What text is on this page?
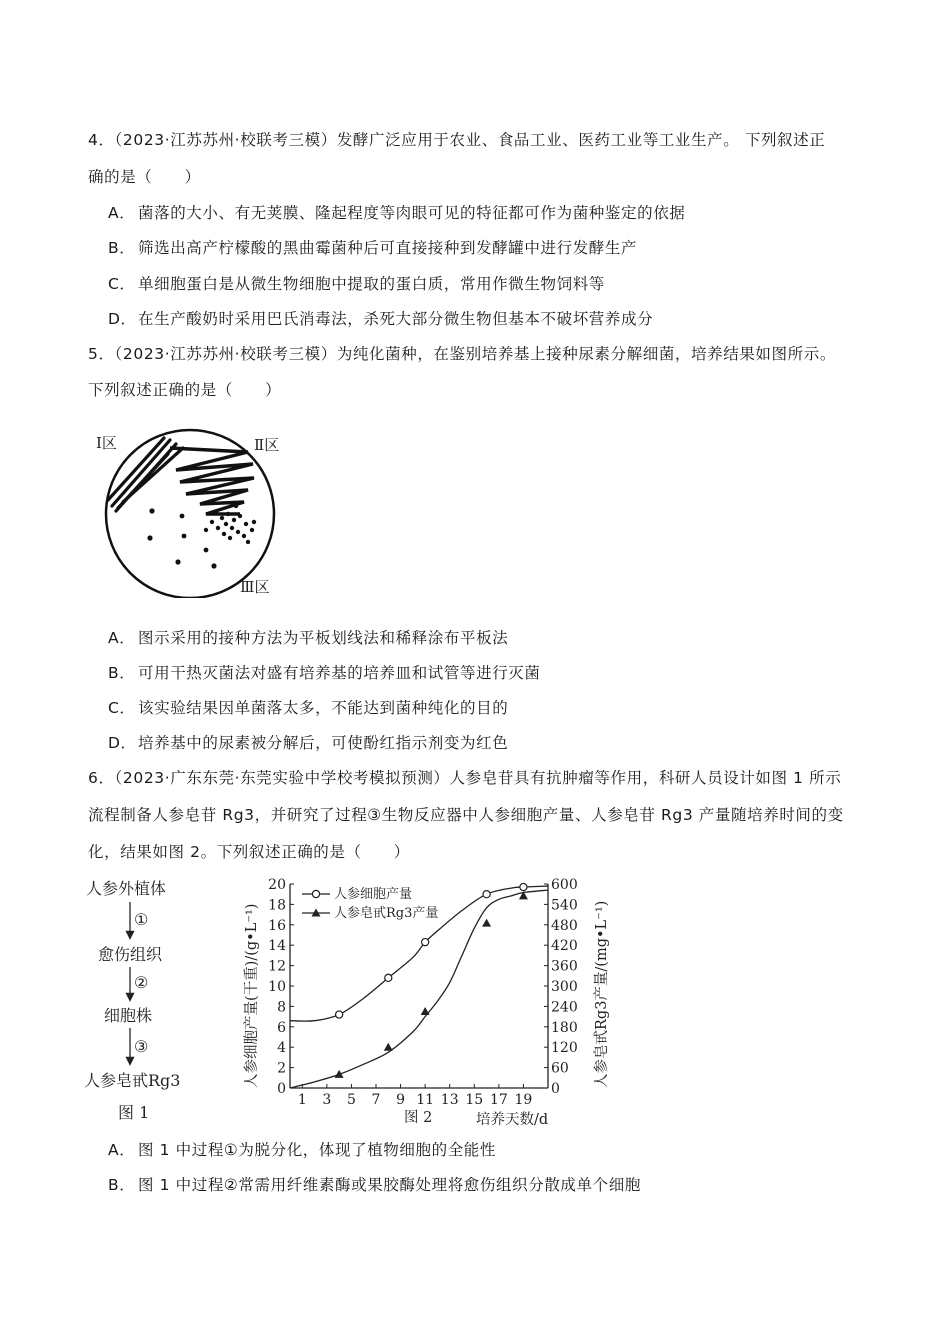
4．（2023·江苏苏州·校联考三模）发酵广泛应用于农业、食品工业、医药工业等工业生产。 下列叙述正
确的是（　　）
A． 菌落的大小、有无荚膜、隆起程度等肉眼可见的特征都可作为菌种鉴定的依据
B． 筛选出高产柠檬酸的黑曲霉菌种后可直接接种到发酵罐中进行发酵生产
C． 单细胞蛋白是从微生物细胞中提取的蛋白质，常用作微生物饲料等
D．在生产酸奶时采用巴氏消毒法，杀死大部分微生物但基本不破坏营养成分
5．（2023·江苏苏州·校联考三模）为纯化菌种，在鉴别培养基上接种尿素分解细菌，培养结果如图所示。
下列叙述正确的是（　　）
Ⅰ区	Ⅱ区
Ⅲ区
A． 图示采用的接种方法为平板划线法和稀释涂布平板法
B． 可用干热灭菌法对盛有培养基的培养皿和试管等进行灭菌
C． 该实验结果因单菌落太多，不能达到菌种纯化的目的
D．培养基中的尿素被分解后，可使酚红指示剂变为红色
6．（2023·广东东莞·东莞实验中学校考模拟预测）人参皂苷具有抗肿瘤等作用，科研人员设计如图 1 所示
流程制备人参皂苷 Rg3，并研究了过程③生物反应器中人参细胞产量、人参皂苷 Rg3 产量随培养时间的变
化，结果如图 2。下列叙述正确的是（　　）
人参外植体
①
愈伤组织
②
细胞株
③
人参皂甙Rg3
图 1
0
2
4
6
8
10
12
14
16
18
20
0
60
120
180
240
300
360
420
480
540
600
1 3 5 7 9 11 13 15 17 19
人参细胞产量(干重)/(g•L⁻¹)	人参皂甙Rg3产量/(mg•L⁻¹)
培养天数/d
图 2
人参细胞产量
人参皂甙Rg3产量
A． 图 1 中过程①为脱分化，体现了植物细胞的全能性
B． 图 1 中过程②常需用纤维素酶或果胶酶处理将愈伤组织分散成单个细胞
